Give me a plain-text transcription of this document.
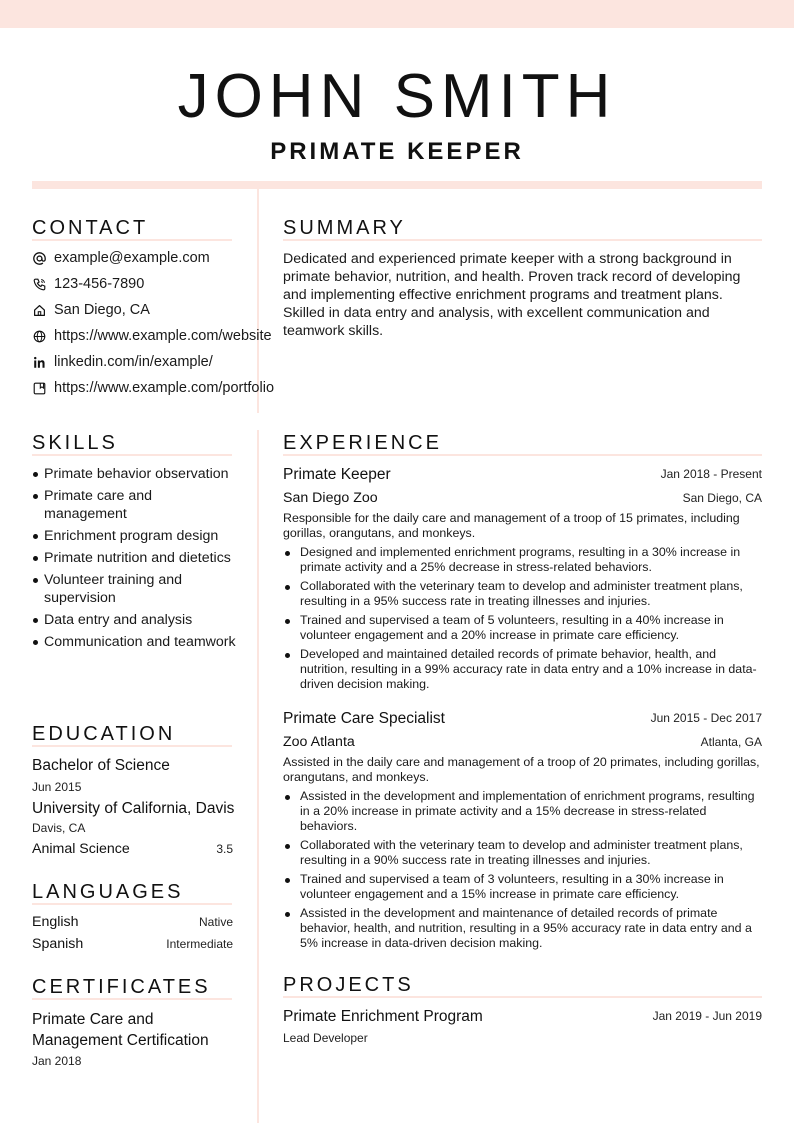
JOHN SMITH
PRIMATE KEEPER
CONTACT
example@example.com
123-456-7890
San Diego, CA
https://www.example.com/website
linkedin.com/in/example/
https://www.example.com/portfolio
SUMMARY
Dedicated and experienced primate keeper with a strong background in primate behavior, nutrition, and health. Proven track record of developing and implementing effective enrichment programs and treatment plans. Skilled in data entry and analysis, with excellent communication and teamwork skills.
SKILLS
Primate behavior observation
Primate care and management
Enrichment program design
Primate nutrition and dietetics
Volunteer training and supervision
Data entry and analysis
Communication and teamwork
EDUCATION
Bachelor of Science
Jun 2015
University of California, Davis
Davis, CA
Animal Science	3.5
LANGUAGES
English	Native
Spanish	Intermediate
CERTIFICATES
Primate Care and Management Certification
Jan 2018
EXPERIENCE
Primate Keeper	Jan 2018 - Present
San Diego Zoo	San Diego, CA
Responsible for the daily care and management of a troop of 15 primates, including gorillas, orangutans, and monkeys.
Designed and implemented enrichment programs, resulting in a 30% increase in primate activity and a 25% decrease in stress-related behaviors.
Collaborated with the veterinary team to develop and administer treatment plans, resulting in a 95% success rate in treating illnesses and injuries.
Trained and supervised a team of 5 volunteers, resulting in a 40% increase in volunteer engagement and a 20% increase in primate care efficiency.
Developed and maintained detailed records of primate behavior, health, and nutrition, resulting in a 99% accuracy rate in data entry and a 10% increase in data-driven decision making.
Primate Care Specialist	Jun 2015 - Dec 2017
Zoo Atlanta	Atlanta, GA
Assisted in the daily care and management of a troop of 20 primates, including gorillas, orangutans, and monkeys.
Assisted in the development and implementation of enrichment programs, resulting in a 20% increase in primate activity and a 15% decrease in stress-related behaviors.
Collaborated with the veterinary team to develop and administer treatment plans, resulting in a 90% success rate in treating illnesses and injuries.
Trained and supervised a team of 3 volunteers, resulting in a 30% increase in volunteer engagement and a 15% increase in primate care efficiency.
Assisted in the development and maintenance of detailed records of primate behavior, health, and nutrition, resulting in a 95% accuracy rate in data entry and a 5% increase in data-driven decision making.
PROJECTS
Primate Enrichment Program	Jan 2019 - Jun 2019
Lead Developer
